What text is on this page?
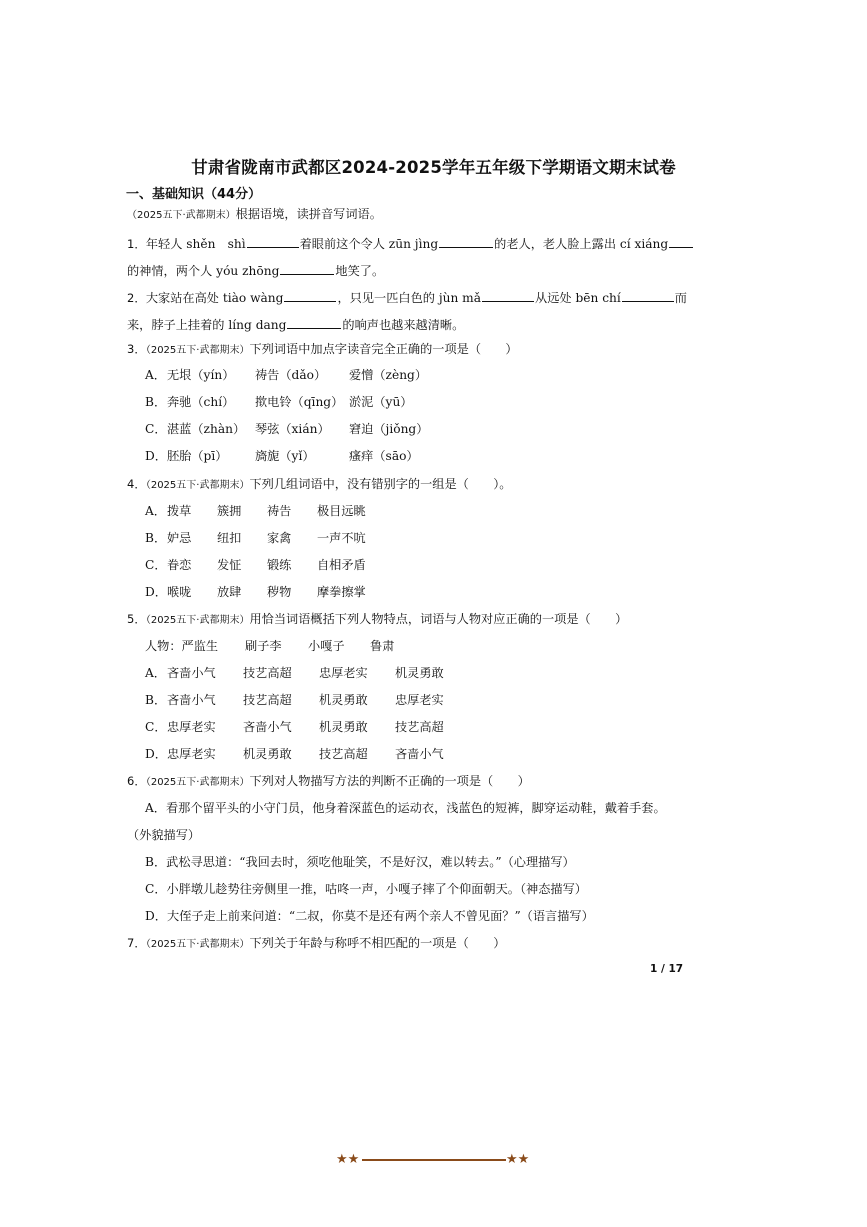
甘肃省陇南市武都区2024-2025学年五年级下学期语文期末试卷
一、基础知识（44分）
（2025五下·武都期末）根据语境，读拼音写词语。
1．年轻人 shěn　shì	着眼前这个令人 zūn jìng	的老人，老人脸上露出 cí xiáng
的神情，两个人 yóu zhōng	地笑了。
2．大家站在高处 tiào wàng	，只见一匹白色的 jùn mǎ	从远处 bēn chí	而
来，脖子上挂着的 líng dang	的响声也越来越清晰。
3．（2025五下·武都期末）下列词语中加点字读音完全正确的一项是（　　）
A．无垠（yín） 祷告（dǎo） 爱憎（zèng）
B．奔驰（chí） 揿电铃（qīng） 淤泥（yū）
C．湛蓝（zhàn） 琴弦（xián） 窘迫（jiǒng）
D．胚胎（pī） 旖旎（yǐ）	瘙痒（sāo）
4．（2025五下·武都期末）下列几组词语中，没有错别字的一组是（　　）。
A．拨草 簇拥 祷告 极目远眺
B．妒忌 纽扣 家禽 一声不吭
C．眷恋 发怔 锻练 自相矛盾
D．喉咙 放肆 秽物 摩拳擦掌
5．（2025五下·武都期末）用恰当词语概括下列人物特点，词语与人物对应正确的一项是（　　）
人物：严监生 刷子李 小嘎子 鲁肃
A．吝啬小气 技艺高超 忠厚老实 机灵勇敢
B．吝啬小气 技艺高超 机灵勇敢 忠厚老实
C．忠厚老实 吝啬小气 机灵勇敢 技艺高超
D．忠厚老实 机灵勇敢 技艺高超 吝啬小气
6．（2025五下·武都期末）下列对人物描写方法的判断不正确的一项是（　　）
A．看那个留平头的小守门员，他身着深蓝色的运动衣，浅蓝色的短裤，脚穿运动鞋，戴着手套。
（外貌描写）
B．武松寻思道：“我回去时，须吃他耻笑，不是好汉，难以转去。”（心理描写）
C．小胖墩儿趁势往旁侧里一推，咕咚一声，小嘎子摔了个仰面朝天。（神态描写）
D．大侄子走上前来问道：“二叔，你莫不是还有两个亲人不曾见面？”（语言描写）
7．（2025五下·武都期末）下列关于年龄与称呼不相匹配的一项是（　　）
1 / 17
★★	★★
